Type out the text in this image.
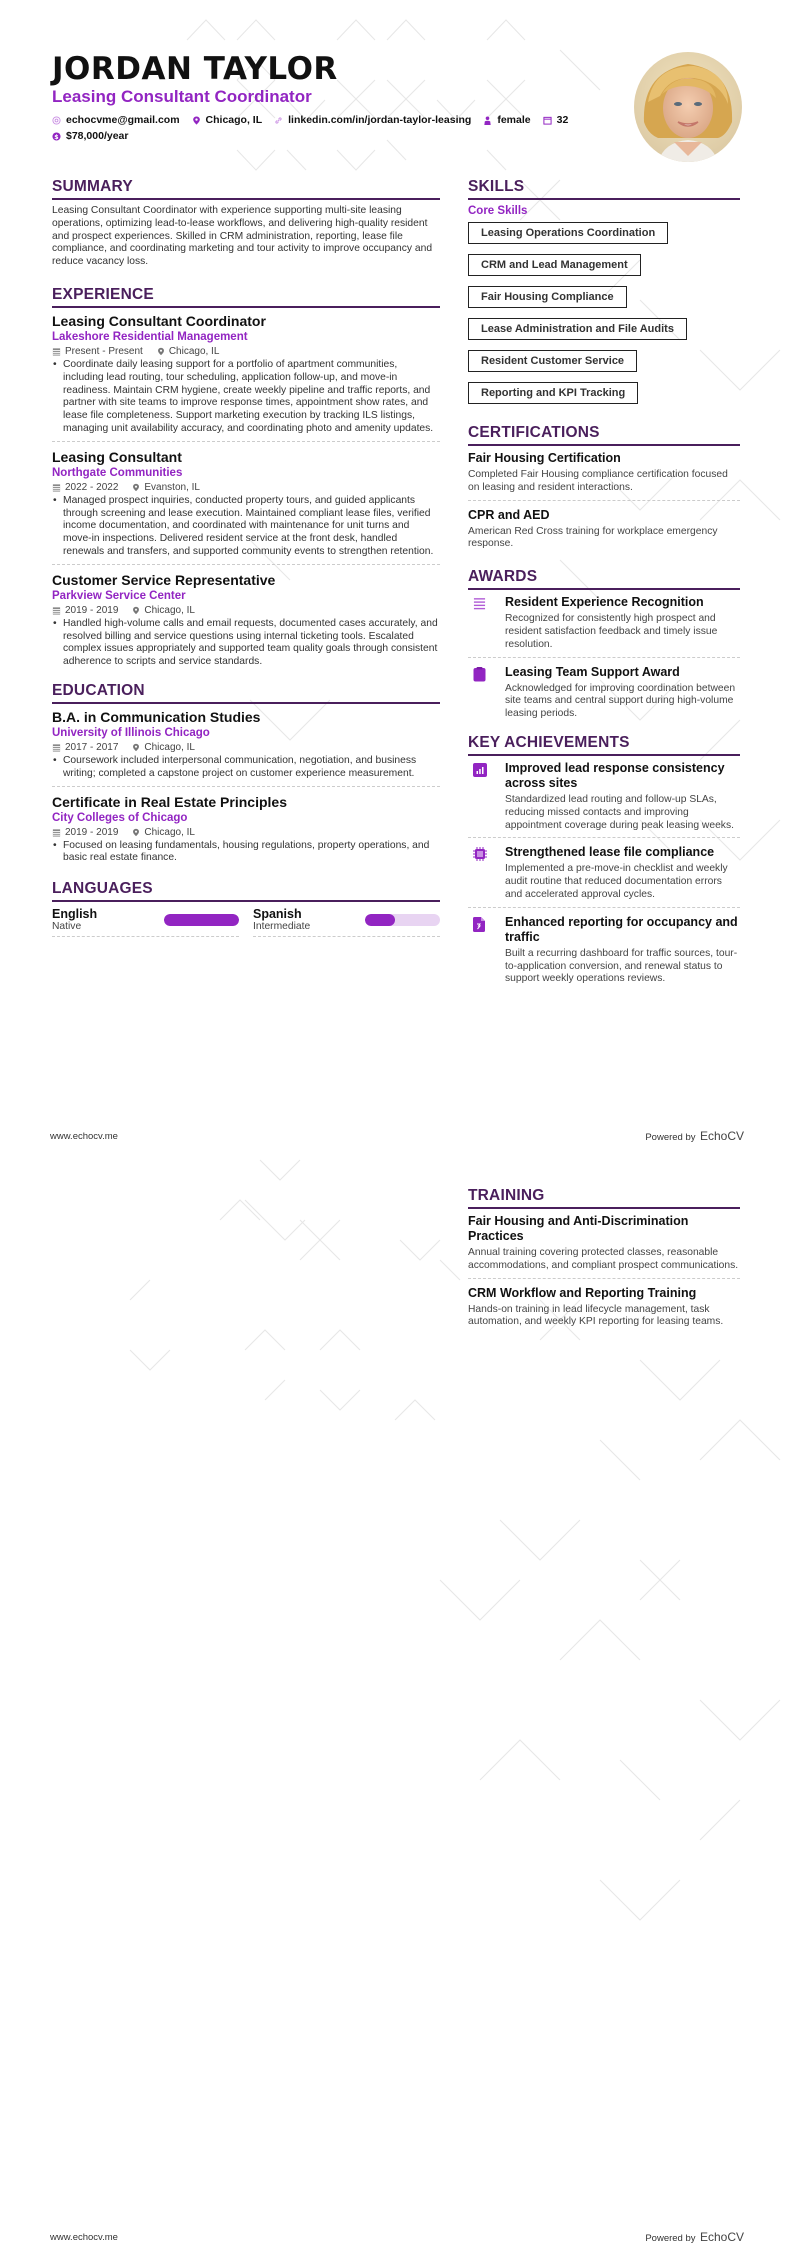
JORDAN TAYLOR
Leasing Consultant Coordinator
echocvme@gmail.com Chicago, IL linkedin.com/in/jordan-taylor-leasing female 32
$ $78,000/year
SUMMARY

Leasing Consultant Coordinator with experience supporting multi-site leasing operations, optimizing lead-to-lease workflows, and delivering high-quality resident and prospect experiences. Skilled in CRM administration, reporting, lease file compliance, and coordinating marketing and tour activity to improve occupancy and reduce vacancy loss.

EXPERIENCE
Leasing Consultant Coordinator
Lakeshore Residential Management
Present - Present	Chicago, IL
• Coordinate daily leasing support for a portfolio of apartment communities, including lead routing, tour scheduling, application follow-up, and move-in readiness. Maintain CRM hygiene, create weekly pipeline and traffic reports, and partner with site teams to improve response times, appointment show rates, and lease file completeness. Support marketing execution by tracking ILS listings, managing unit availability accuracy, and coordinating photo and amenity updates.
Leasing Consultant
Northgate Communities
2022 - 2022	Evanston, IL
• Managed prospect inquiries, conducted property tours, and guided applicants through screening and lease execution. Maintained compliant lease files, verified income documentation, and coordinated with maintenance for unit turns and move-in inspections. Delivered resident service at the front desk, handled renewals and transfers, and supported community events to strengthen retention.
Customer Service Representative
Parkview Service Center
2019 - 2019	Chicago, IL
• Handled high-volume calls and email requests, documented cases accurately, and resolved billing and service questions using internal ticketing tools. Escalated complex issues appropriately and supported team quality goals through consistent adherence to scripts and service standards.
EDUCATION
B.A. in Communication Studies
University of Illinois Chicago
2017 - 2017	Chicago, IL
• Coursework included interpersonal communication, negotiation, and business writing; completed a capstone project on customer experience measurement.
Certificate in Real Estate Principles
City Colleges of Chicago
2019 - 2019	Chicago, IL
• Focused on leasing fundamentals, housing regulations, property operations, and basic real estate finance.
LANGUAGES
English
Native
Spanish
Intermediate
SKILLS
Core Skills
Leasing Operations Coordination
CRM and Lead Management
Fair Housing Compliance
Lease Administration and File Audits
Resident Customer Service
Reporting and KPI Tracking
CERTIFICATIONS
Fair Housing Certification
Completed Fair Housing compliance certification focused on leasing and resident interactions.
CPR and AED
American Red Cross training for workplace emergency response.
AWARDS
Resident Experience Recognition
Recognized for consistently high prospect and resident satisfaction feedback and timely issue resolution.
Leasing Team Support Award
Acknowledged for improving coordination between site teams and central support during high-volume leasing periods.
KEY ACHIEVEMENTS
Improved lead response consistency across sites
Standardized lead routing and follow-up SLAs, reducing missed contacts and improving appointment coverage during peak leasing weeks.
Strengthened lease file compliance
Implemented a pre-move-in checklist and weekly audit routine that reduced documentation errors and accelerated approval cycles.
Enhanced reporting for occupancy and traffic
Built a recurring dashboard for traffic sources, tour-to-application conversion, and renewal status to support weekly operations reviews.
www.echocv.me	Powered by EchoCV
TRAINING
Fair Housing and Anti-Discrimination Practices
Annual training covering protected classes, reasonable accommodations, and compliant prospect communications.
CRM Workflow and Reporting Training
Hands-on training in lead lifecycle management, task automation, and weekly KPI reporting for leasing teams.
www.echocv.me	Powered by EchoCV
